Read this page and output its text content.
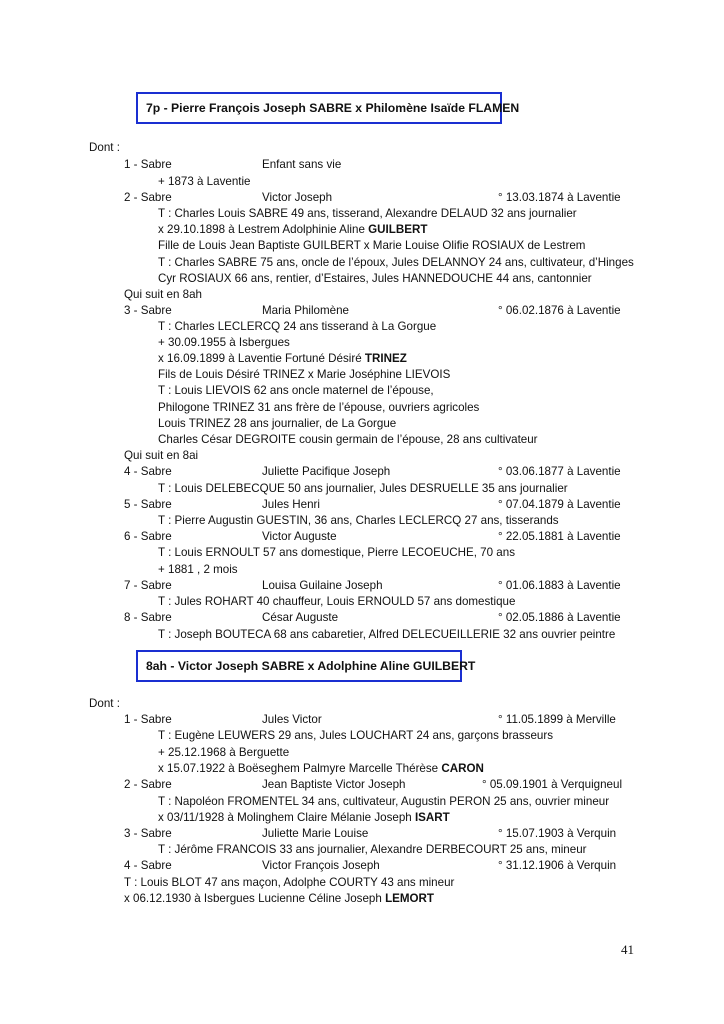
7p - Pierre François Joseph SABRE x Philomène Isaïde FLAMEN
Dont :
1 - Sabre	Enfant sans vie
+ 1873 à Laventie
2 - Sabre	Victor Joseph	° 13.03.1874 à Laventie
T : Charles Louis SABRE 49 ans, tisserand, Alexandre DELAUD 32 ans journalier
x 29.10.1898 à Lestrem Adolphinie Aline GUILBERT
Fille de Louis Jean Baptiste GUILBERT x Marie Louise Olifie ROSIAUX de Lestrem
T : Charles SABRE 75 ans, oncle de l’époux, Jules DELANNOY 24 ans, cultivateur, d’Hinges
Cyr ROSIAUX 66 ans, rentier, d’Estaires, Jules HANNEDOUCHE 44 ans, cantonnier
Qui suit en 8ah
3 - Sabre	Maria Philomène	° 06.02.1876 à Laventie
T : Charles LECLERCQ 24 ans tisserand à La Gorgue
+ 30.09.1955 à Isbergues
x 16.09.1899 à Laventie Fortuné Désiré TRINEZ
Fils de Louis Désiré TRINEZ x Marie Joséphine LIEVOIS
T : Louis LIEVOIS 62 ans oncle maternel de l’épouse,
Philogone TRINEZ 31 ans frère de l’épouse, ouvriers agricoles
Louis TRINEZ 28 ans journalier, de La Gorgue
Charles César DEGROITE cousin germain de l’épouse, 28 ans cultivateur
Qui suit en 8ai
4 - Sabre	Juliette Pacifique Joseph	° 03.06.1877 à Laventie
T : Louis DELEBECQUE 50 ans journalier, Jules DESRUELLE 35 ans journalier
5 - Sabre	Jules Henri	° 07.04.1879 à Laventie
T : Pierre Augustin GUESTIN, 36 ans, Charles LECLERCQ 27 ans, tisserands
6 - Sabre	Victor Auguste	° 22.05.1881 à Laventie
T : Louis ERNOULT 57 ans domestique, Pierre LECOEUCHE, 70 ans
+ 1881 , 2 mois
7 - Sabre	Louisa Guilaine Joseph	° 01.06.1883 à Laventie
T : Jules ROHART 40 chauffeur, Louis ERNOULD 57 ans domestique
8 - Sabre	César Auguste	° 02.05.1886 à Laventie
T : Joseph BOUTECA 68 ans cabaretier, Alfred DELECUEILLERIE 32 ans ouvrier peintre
8ah - Victor Joseph SABRE x Adolphine Aline GUILBERT
Dont :
1 - Sabre	Jules Victor	° 11.05.1899 à Merville
T : Eugène LEUWERS 29 ans, Jules LOUCHART 24 ans, garçons brasseurs
+ 25.12.1968 à Berguette
x 15.07.1922 à Boëseghem Palmyre Marcelle Thérèse CARON
2 - Sabre	Jean Baptiste Victor Joseph	° 05.09.1901 à Verquigneul
T : Napoléon FROMENTEL 34 ans, cultivateur, Augustin PERON 25 ans, ouvrier mineur
x 03/11/1928 à Molinghem Claire Mélanie Joseph ISART
3 - Sabre	Juliette Marie Louise	° 15.07.1903 à Verquin
T : Jérôme FRANCOIS 33 ans journalier, Alexandre DERBECOURT 25 ans, mineur
4 - Sabre	Victor François Joseph	° 31.12.1906 à Verquin
T : Louis BLOT 47 ans maçon, Adolphe COURTY 43 ans mineur
x 06.12.1930 à Isbergues Lucienne Céline Joseph LEMORT
41
